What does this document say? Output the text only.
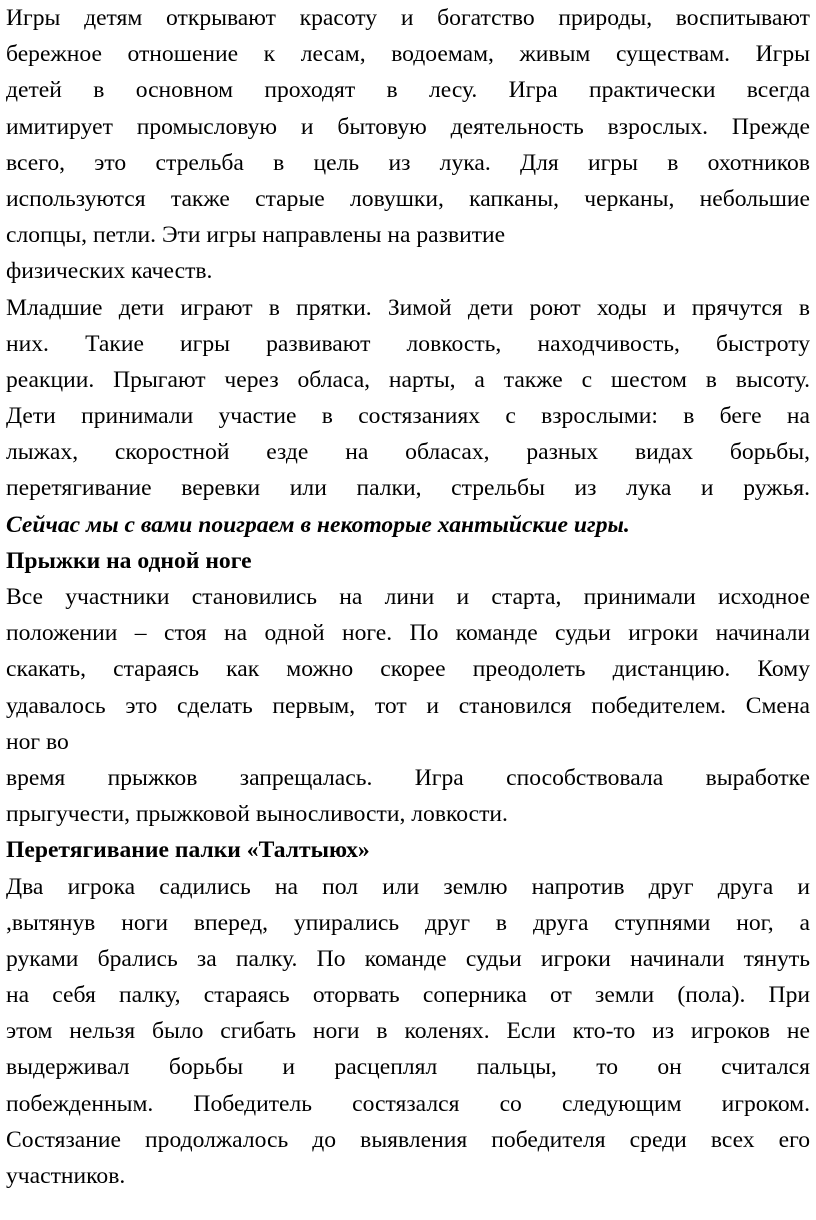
Игры детям открывают красоту и богатство природы, воспитывают
бережное отношение к лесам, водоемам, живым существам. Игры
детей в основном проходят в лесу. Игра практически всегда
имитирует промысловую и бытовую деятельность взрослых. Прежде
всего, это стрельба в цель из лука. Для игры в охотников
используются также старые ловушки, капканы, черканы, небольшие
слопцы, петли. Эти игры направлены на развитие
физических качеств.
Младшие дети играют в прятки. Зимой дети роют ходы и прячутся в
них. Такие игры развивают ловкость, находчивость, быстроту
реакции. Прыгают через обласа, нарты, а также с шестом в высоту.
Дети принимали участие в состязаниях с взрослыми: в беге на
лыжах, скоростной езде на обласах, разных видах борьбы,
перетягивание веревки или палки, стрельбы из лука и ружья.
Сейчас мы с вами поиграем в некоторые хантыйские игры.
Прыжки на одной ноге
Все участники становились на лини и старта, принимали исходное
положении – стоя на одной ноге. По команде судьи игроки начинали
скакать, стараясь как можно скорее преодолеть дистанцию. Кому
удавалось это сделать первым, тот и становился победителем. Смена
ног во
время прыжков запрещалась. Игра способствовала выработке
прыгучести, прыжковой выносливости, ловкости.
Перетягивание палки «Талтыюх»
Два игрока садились на пол или землю напротив друг друга и
,вытянув ноги вперед, упирались друг в друга ступнями ног, а
руками брались за палку. По команде судьи игроки начинали тянуть
на себя палку, стараясь оторвать соперника от земли (пола). При
этом нельзя было сгибать ноги в коленях. Если кто-то из игроков не
выдерживал борьбы и расцеплял пальцы, то он считался
побежденным. Победитель состязался со следующим игроком.
Состязание продолжалось до выявления победителя среди всех его
участников.
